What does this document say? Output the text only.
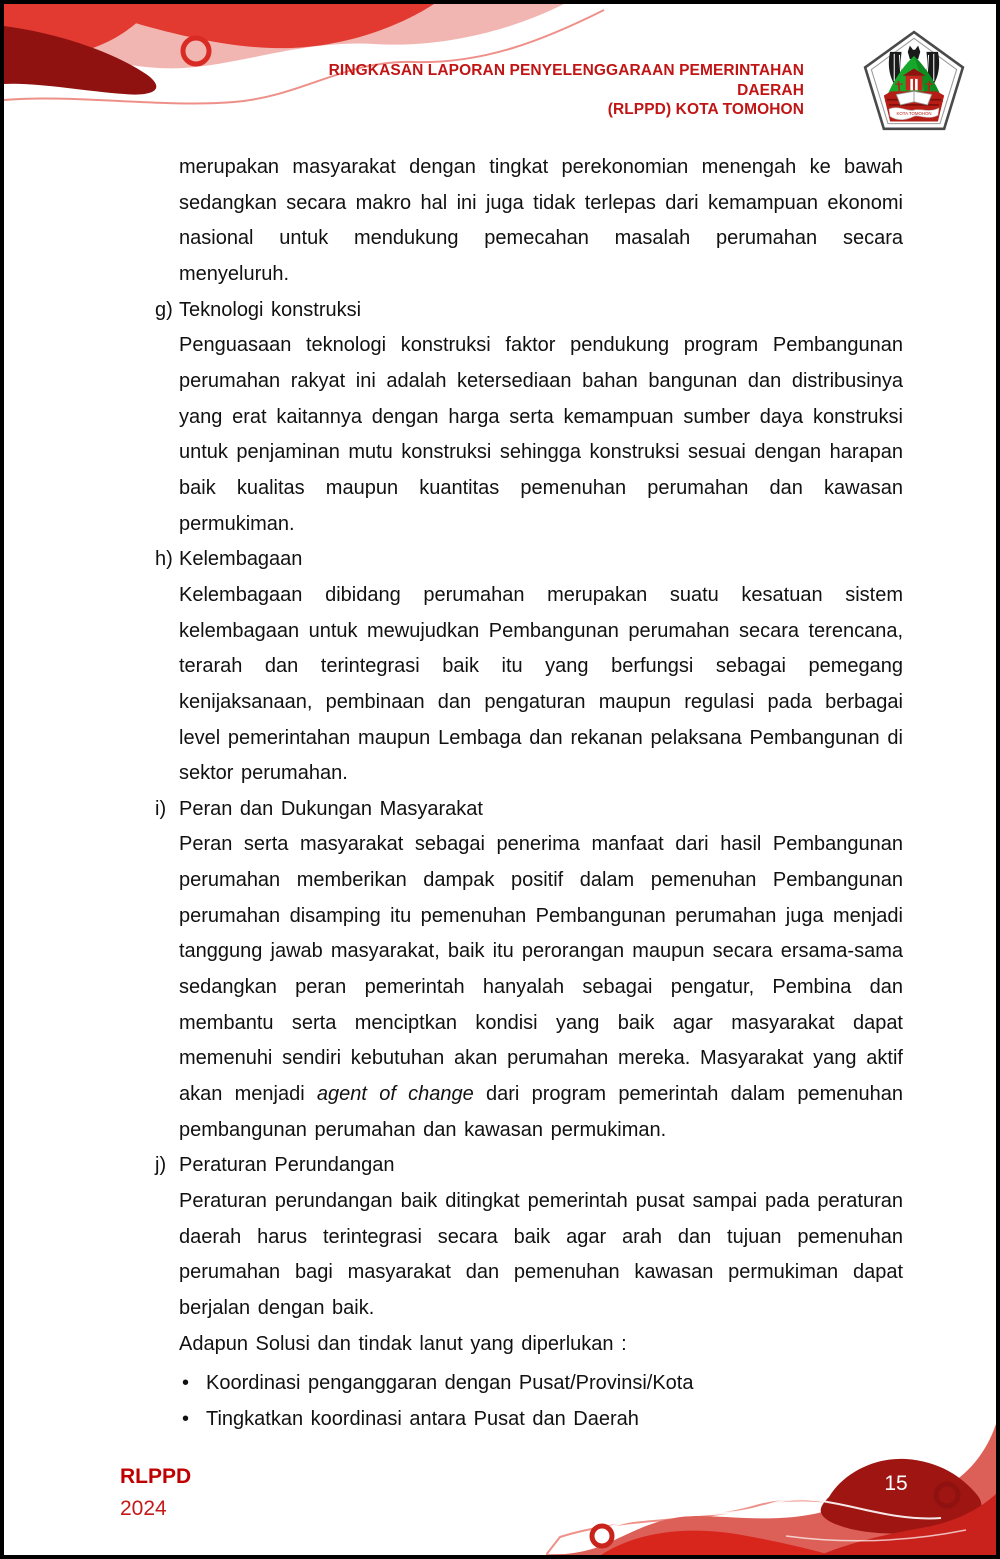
RINGKASAN LAPORAN PENYELENGGARAAN PEMERINTAHAN DAERAH
(RLPPD) KOTA TOMOHON	KOTA TOMOHON

merupakan masyarakat dengan tingkat perekonomian menengah ke bawah sedangkan secara makro hal ini juga tidak terlepas dari kemampuan ekonomi nasional untuk mendukung pemecahan masalah perumahan secara menyeluruh.

g) Teknologi konstruksi

Penguasaan teknologi konstruksi faktor pendukung program Pembangunan perumahan rakyat ini adalah ketersediaan bahan bangunan dan distribusinya yang erat kaitannya dengan harga serta kemampuan sumber daya konstruksi untuk penjaminan mutu konstruksi sehingga konstruksi sesuai dengan harapan baik kualitas maupun kuantitas pemenuhan perumahan dan kawasan permukiman.

h) Kelembagaan

Kelembagaan dibidang perumahan merupakan suatu kesatuan sistem kelembagaan untuk mewujudkan Pembangunan perumahan secara terencana, terarah dan terintegrasi baik itu yang berfungsi sebagai pemegang kenijaksanaan, pembinaan dan pengaturan maupun regulasi pada berbagai level pemerintahan maupun Lembaga dan rekanan pelaksana Pembangunan di sektor perumahan.

i) Peran dan Dukungan Masyarakat

Peran serta masyarakat sebagai penerima manfaat dari hasil Pembangunan perumahan memberikan dampak positif dalam pemenuhan Pembangunan perumahan disamping itu pemenuhan Pembangunan perumahan juga menjadi tanggung jawab masyarakat, baik itu perorangan maupun secara ersama-sama sedangkan peran pemerintah hanyalah sebagai pengatur, Pembina dan membantu serta menciptkan kondisi yang baik agar masyarakat dapat memenuhi sendiri kebutuhan akan perumahan mereka. Masyarakat yang aktif akan menjadi agent of change dari program pemerintah dalam pemenuhan pembangunan perumahan dan kawasan permukiman.

j) Peraturan Perundangan

Peraturan perundangan baik ditingkat pemerintah pusat sampai pada peraturan daerah harus terintegrasi secara baik agar arah dan tujuan pemenuhan perumahan bagi masyarakat dan pemenuhan kawasan permukiman dapat berjalan dengan baik.

Adapun Solusi dan tindak lanut yang diperlukan :

• Koordinasi penganggaran dengan Pusat/Provinsi/Kota
• Tingkatkan koordinasi antara Pusat dan Daerah
RLPPD
2024
15
